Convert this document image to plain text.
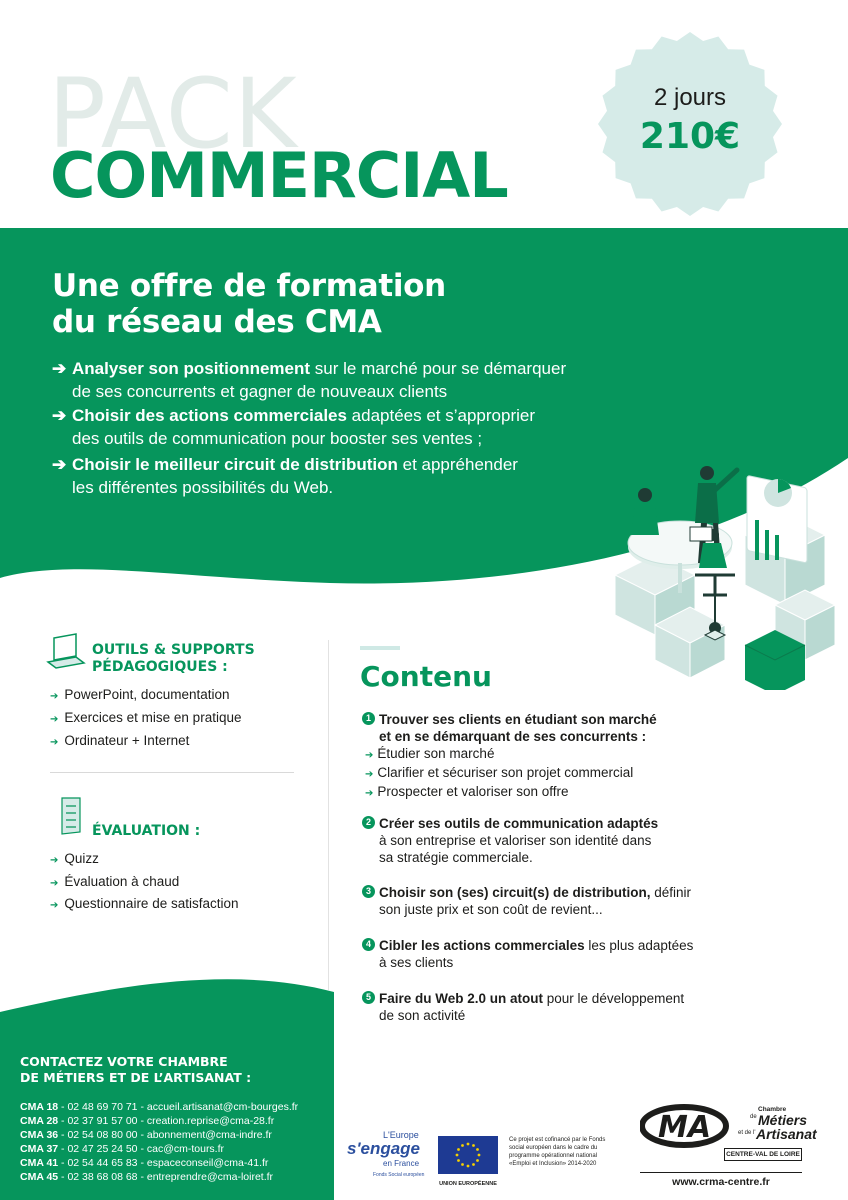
PACK
COMMERCIAL
2 jours
210€
Une offre de formation
du réseau des CMA
➔ Analyser son positionnement sur le marché pour se démarquer
de ses concurrents et gagner de nouveaux clients
➔ Choisir des actions commerciales adaptées et s’approprier
des outils de communication pour booster ses ventes ;
➔ Choisir le meilleur circuit de distribution et appréhender
les différentes possibilités du Web.
OUTILS & SUPPORTS
PÉDAGOGIQUES :
➔ PowerPoint, documentation
➔ Exercices et mise en pratique
➔ Ordinateur + Internet
ÉVALUATION :
➔ Quizz
➔ Évaluation à chaud
➔ Questionnaire de satisfaction
Contenu
1 Trouver ses clients en étudiant son marché
et en se démarquant de ses concurrents :
➔ Étudier son marché
➔ Clarifier et sécuriser son projet commercial
➔ Prospecter et valoriser son offre
2 Créer ses outils de communication adaptés
à son entreprise et valoriser son identité dans
sa stratégie commerciale.
3 Choisir son (ses) circuit(s) de distribution, définir
son juste prix et son coût de revient...
4 Cibler les actions commerciales les plus adaptées
à ses clients
5 Faire du Web 2.0 un atout pour le développement
de son activité
CONTACTEZ VOTRE CHAMBRE
DE MÉTIERS ET DE L’ARTISANAT :
CMA 18 - 02 48 69 70 71 - accueil.artisanat@cm-bourges.fr
CMA 28 - 02 37 91 57 00 - creation.reprise@cma-28.fr
CMA 36 - 02 54 08 80 00 - abonnement@cma-indre.fr
CMA 37 - 02 47 25 24 50 - cac@cm-tours.fr
CMA 41 - 02 54 44 65 83 - espaceconseil@cma-41.fr
CMA 45 - 02 38 68 08 68 - entreprendre@cma-loiret.fr
L'Europe
s'engage
en France
Fonds Social européen
UNION EUROPÉENNE
Ce projet est cofinancé par le Fonds social européen dans le cadre du programme opérationnel national «Emploi et Inclusion» 2014-2020
MA
Chambre
de Métiers
et de l' Artisanat
CENTRE-VAL DE LOIRE
www.crma-centre.fr
